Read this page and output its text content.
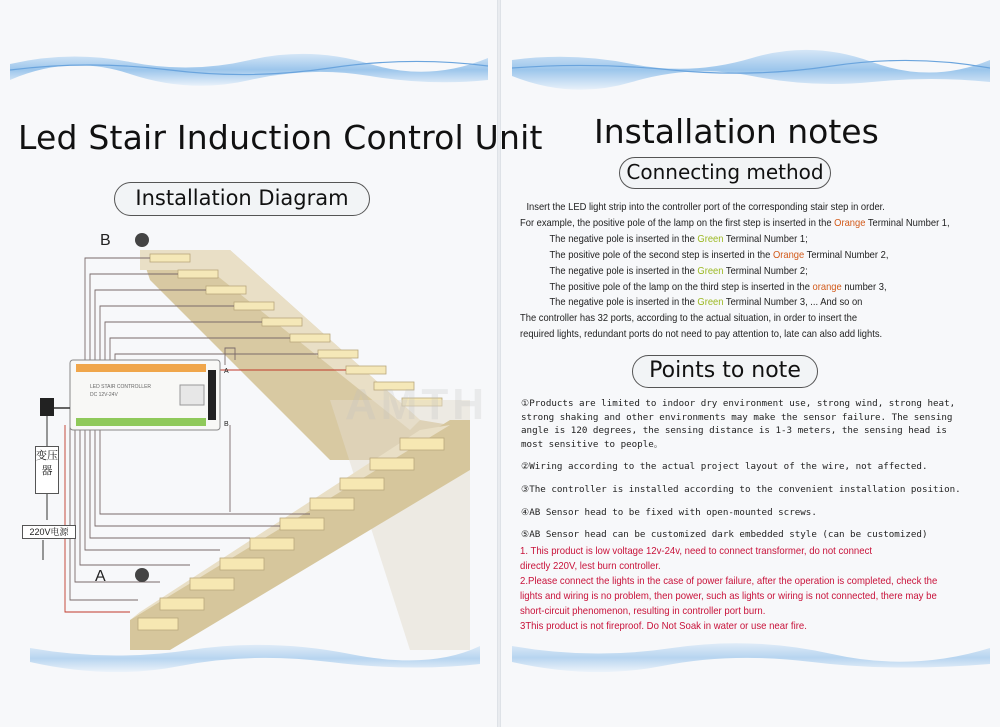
Led Stair Induction Control Unit
Installation Diagram
LED STAIR CONTROLLER
DC 12V-24V
A
B
B
A
变压器
220V电源
AMTH
Installation notes
Connecting method
Insert the LED light strip into the controller port of the corresponding stair step in order.
For example, the positive pole of the lamp on the first step is inserted in the Orange Terminal Number 1,
The negative pole is inserted in the Green Terminal Number 1;
The positive pole of the second step is inserted in the Orange Terminal Number 2,
The negative pole is inserted in the Green Terminal Number 2;
The positive pole of the lamp on the third step is inserted in the orange number 3,
The negative pole is inserted in the Green Terminal Number 3, ... And so on
The controller has 32 ports, according to the actual situation, in order to insert the
required lights, redundant ports do not need to pay attention to, late can also add lights.
Points to note

①Products are limited to indoor dry environment use, strong wind, strong heat,

strong shaking and other environments may make the sensor failure. The sensing

angle is 120 degrees, the sensing distance is 1-3 meters, the sensing head is

most sensitive to people。

②Wiring according to the actual project layout of the wire, not affected.

③The controller is installed according to the convenient installation position.

④AB Sensor head to be fixed with open-mounted screws.

⑤AB Sensor head can be customized dark embedded style (can be customized)

1. This product is low voltage 12v-24v, need to connect transformer, do not connect
directly 220V, lest burn controller.
2.Please connect the lights in the case of power failure, after the operation is completed, check the
lights and wiring is no problem, then power, such as lights or wiring is not connected, there may be
short-circuit phenomenon, resulting in controller port burn.
3This product is not fireproof. Do Not Soak in water or use near fire.
